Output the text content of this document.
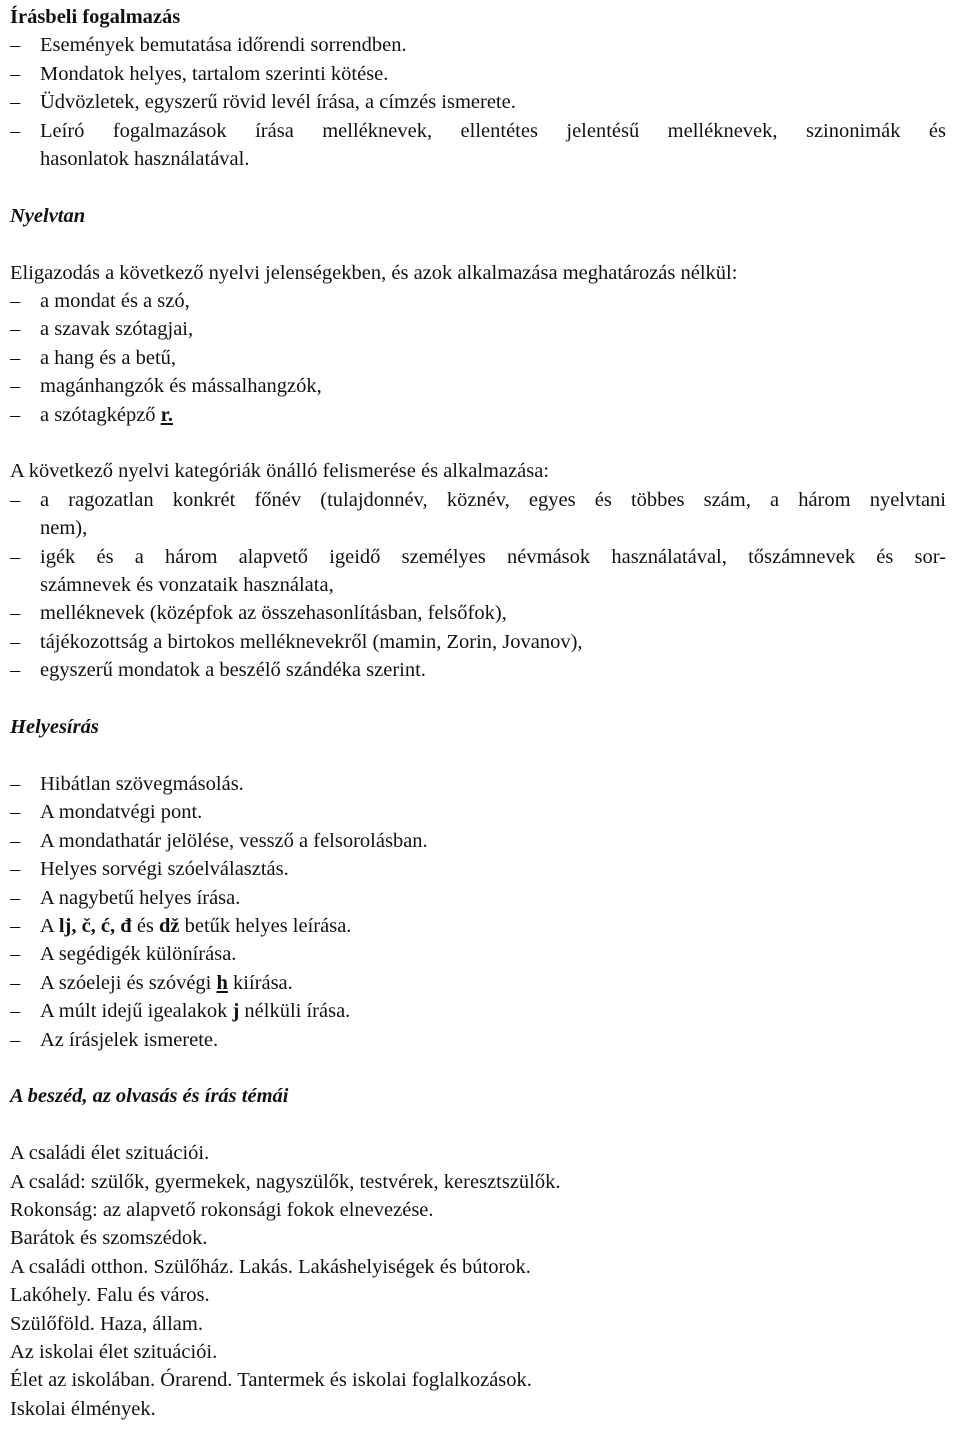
Írásbeli fogalmazás
– Események bemutatása időrendi sorrendben.
– Mondatok helyes, tartalom szerinti kötése.
– Üdvözletek, egyszerű rövid levél írása, a címzés ismerete.
– Leíró fogalmazások írása melléknevek, ellentétes jelentésű melléknevek, szinonimák és
hasonlatok használatával.
Nyelvtan
Eligazodás a következő nyelvi jelenségekben, és azok alkalmazása meghatározás nélkül:
– a mondat és a szó,
– a szavak szótagjai,
– a hang és a betű,
– magánhangzók és mássalhangzók,
– a szótagképző r.
A következő nyelvi kategóriák önálló felismerése és alkalmazása:
– a ragozatlan konkrét főnév (tulajdonnév, köznév, egyes és többes szám, a három nyelvtani
nem),
– igék és a három alapvető igeidő személyes névmások használatával, tőszámnevek és sor-
számnevek és vonzataik használata,
– melléknevek (középfok az összehasonlításban, felsőfok),
– tájékozottság a birtokos melléknevekről (mamin, Zorin, Jovanov),
– egyszerű mondatok a beszélő szándéka szerint.
Helyesírás
– Hibátlan szövegmásolás.
– A mondatvégi pont.
– A mondathatár jelölése, vessző a felsorolásban.
– Helyes sorvégi szóelválasztás.
– A nagybetű helyes írása.
– A lj, č, ć, đ és dž betűk helyes leírása.
– A segédigék különírása.
– A szóeleji és szóvégi h kiírása.
– A múlt idejű igealakok j nélküli írása.
– Az írásjelek ismerete.
A beszéd, az olvasás és írás témái
A családi élet szituációi.
A család: szülők, gyermekek, nagyszülők, testvérek, keresztszülők.
Rokonság: az alapvető rokonsági fokok elnevezése.
Barátok és szomszédok.
A családi otthon. Szülőház. Lakás. Lakáshelyiségek és bútorok.
Lakóhely. Falu és város.
Szülőföld. Haza, állam.
Az iskolai élet szituációi.
Élet az iskolában. Órarend. Tantermek és iskolai foglalkozások.
Iskolai élmények.
